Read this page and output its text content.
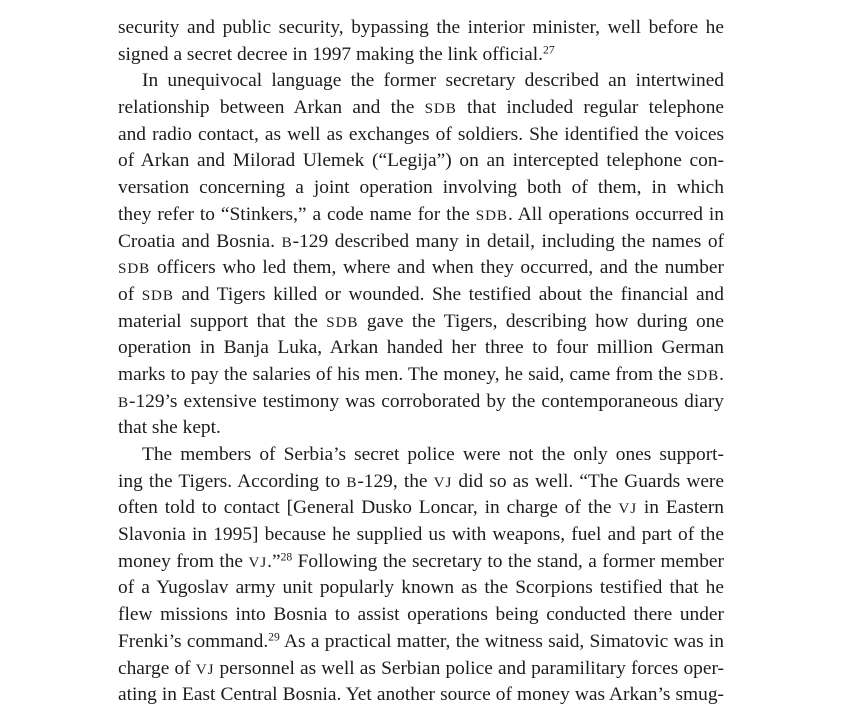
security and public security, bypassing the interior minister, well before he
signed a secret decree in 1997 making the link official.$^{27}$
In unequivocal language the former secretary described an intertwined
relationship between Arkan and the SDB that included regular telephone
and radio contact, as well as exchanges of soldiers. She identified the voices
of Arkan and Milorad Ulemek (“Legija”) on an intercepted telephone con-
versation concerning a joint operation involving both of them, in which
they refer to “Stinkers,” a code name for the SDB. All operations occurred in
Croatia and Bosnia. B-129 described many in detail, including the names of
SDB officers who led them, where and when they occurred, and the number
of SDB and Tigers killed or wounded. She testified about the financial and
material support that the SDB gave the Tigers, describing how during one
operation in Banja Luka, Arkan handed her three to four million German
marks to pay the salaries of his men. The money, he said, came from the SDB.
B-129’s extensive testimony was corroborated by the contemporaneous diary
that she kept.
The members of Serbia’s secret police were not the only ones support-
ing the Tigers. According to B-129, the VJ did so as well. “The Guards were
often told to contact [General Dusko Loncar, in charge of the VJ in Eastern
Slavonia in 1995] because he supplied us with weapons, fuel and part of the
money from the VJ.”$^{28}$ Following the secretary to the stand, a former member
of a Yugoslav army unit popularly known as the Scorpions testified that he
flew missions into Bosnia to assist operations being conducted there under
Frenki’s command.$^{29}$ As a practical matter, the witness said, Simatovic was in
charge of VJ personnel as well as Serbian police and paramilitary forces oper-
ating in East Central Bosnia. Yet another source of money was Arkan’s smug-
